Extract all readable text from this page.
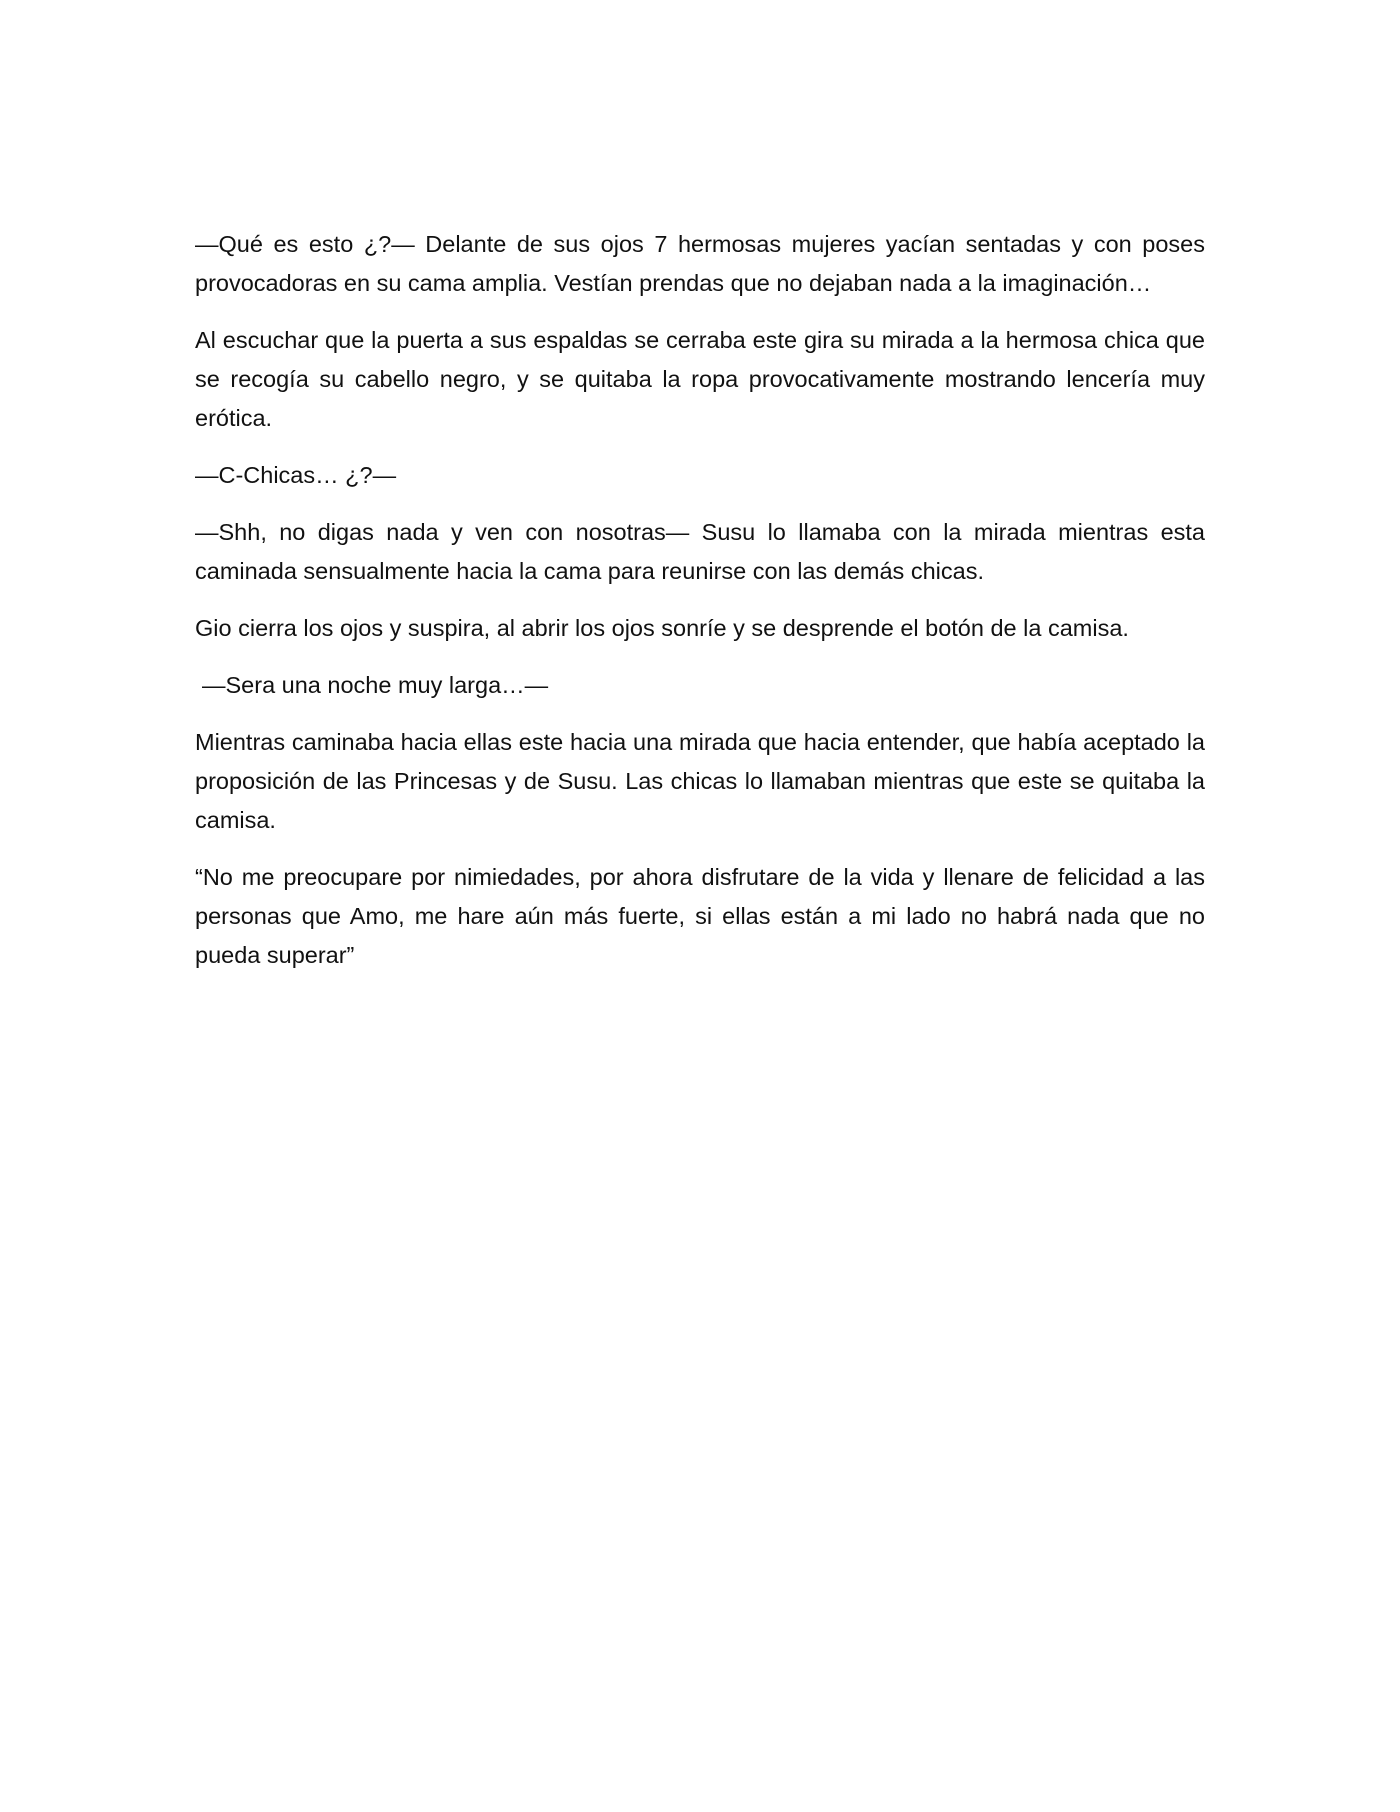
—Qué es esto ¿?— Delante de sus ojos 7 hermosas mujeres yacían sentadas y con poses provocadoras en su cama amplia. Vestían prendas que no dejaban nada a la imaginación…

Al escuchar que la puerta a sus espaldas se cerraba este gira su mirada a la hermosa chica que se recogía su cabello negro, y se quitaba la ropa provocativamente mostrando lencería muy erótica.

—C-Chicas… ¿?—

—Shh, no digas nada y ven con nosotras— Susu lo llamaba con la mirada mientras esta caminada sensualmente hacia la cama para reunirse con las demás chicas.

Gio cierra los ojos y suspira, al abrir los ojos sonríe y se desprende el botón de la camisa.

—Sera una noche muy larga…—

Mientras caminaba hacia ellas este hacia una mirada que hacia entender, que había aceptado la proposición de las Princesas y de Susu. Las chicas lo llamaban mientras que este se quitaba la camisa.

“No me preocupare por nimiedades, por ahora disfrutare de la vida y llenare de felicidad a las personas que Amo, me hare aún más fuerte, si ellas están a mi lado no habrá nada que no pueda superar”
